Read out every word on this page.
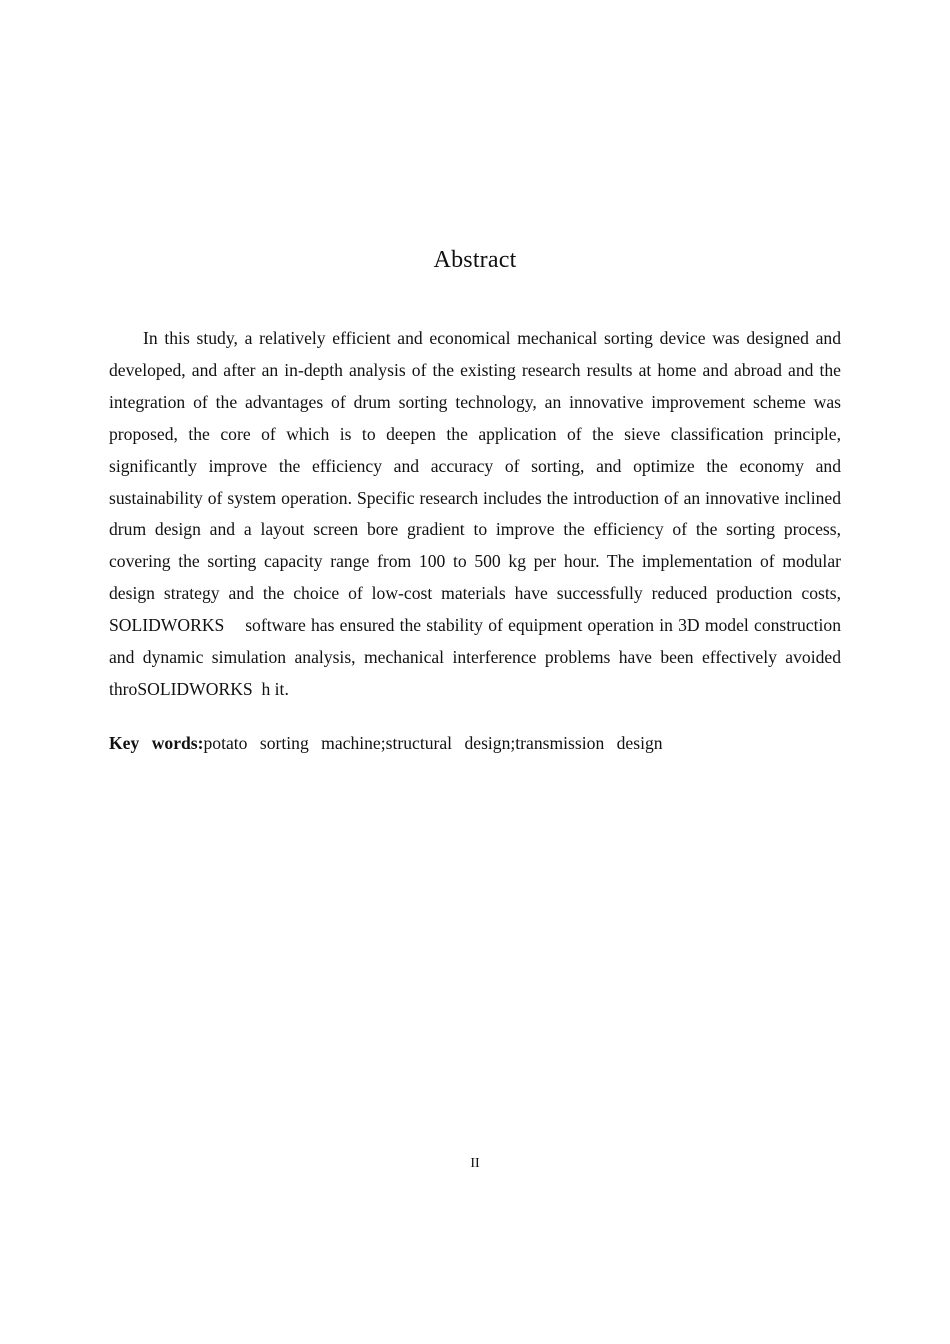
Abstract

In this study, a relatively efficient and economical mechanical sorting device was designed and developed, and after an in-depth analysis of the existing research results at home and abroad and the integration of the advantages of drum sorting technology, an innovative improvement scheme was proposed, the core of which is to deepen the application of the sieve classification principle, significantly improve the efficiency and accuracy of sorting, and optimize the economy and sustainability of system operation. Specific research includes the introduction of an innovative inclined drum design and a layout screen bore gradient to improve the efficiency of the sorting process, covering the sorting capacity range from 100 to 500 kg per hour. The implementation of modular design strategy and the choice of low-cost materials have successfully reduced production costs,  SOLIDWORKS    software has ensured the stability of equipment operation in 3D model construction and dynamic simulation analysis, mechanical interference problems have been effectively avoided throSOLIDWORKS  h it.

Key words:potato sorting machine;structural design;transmission design

II
